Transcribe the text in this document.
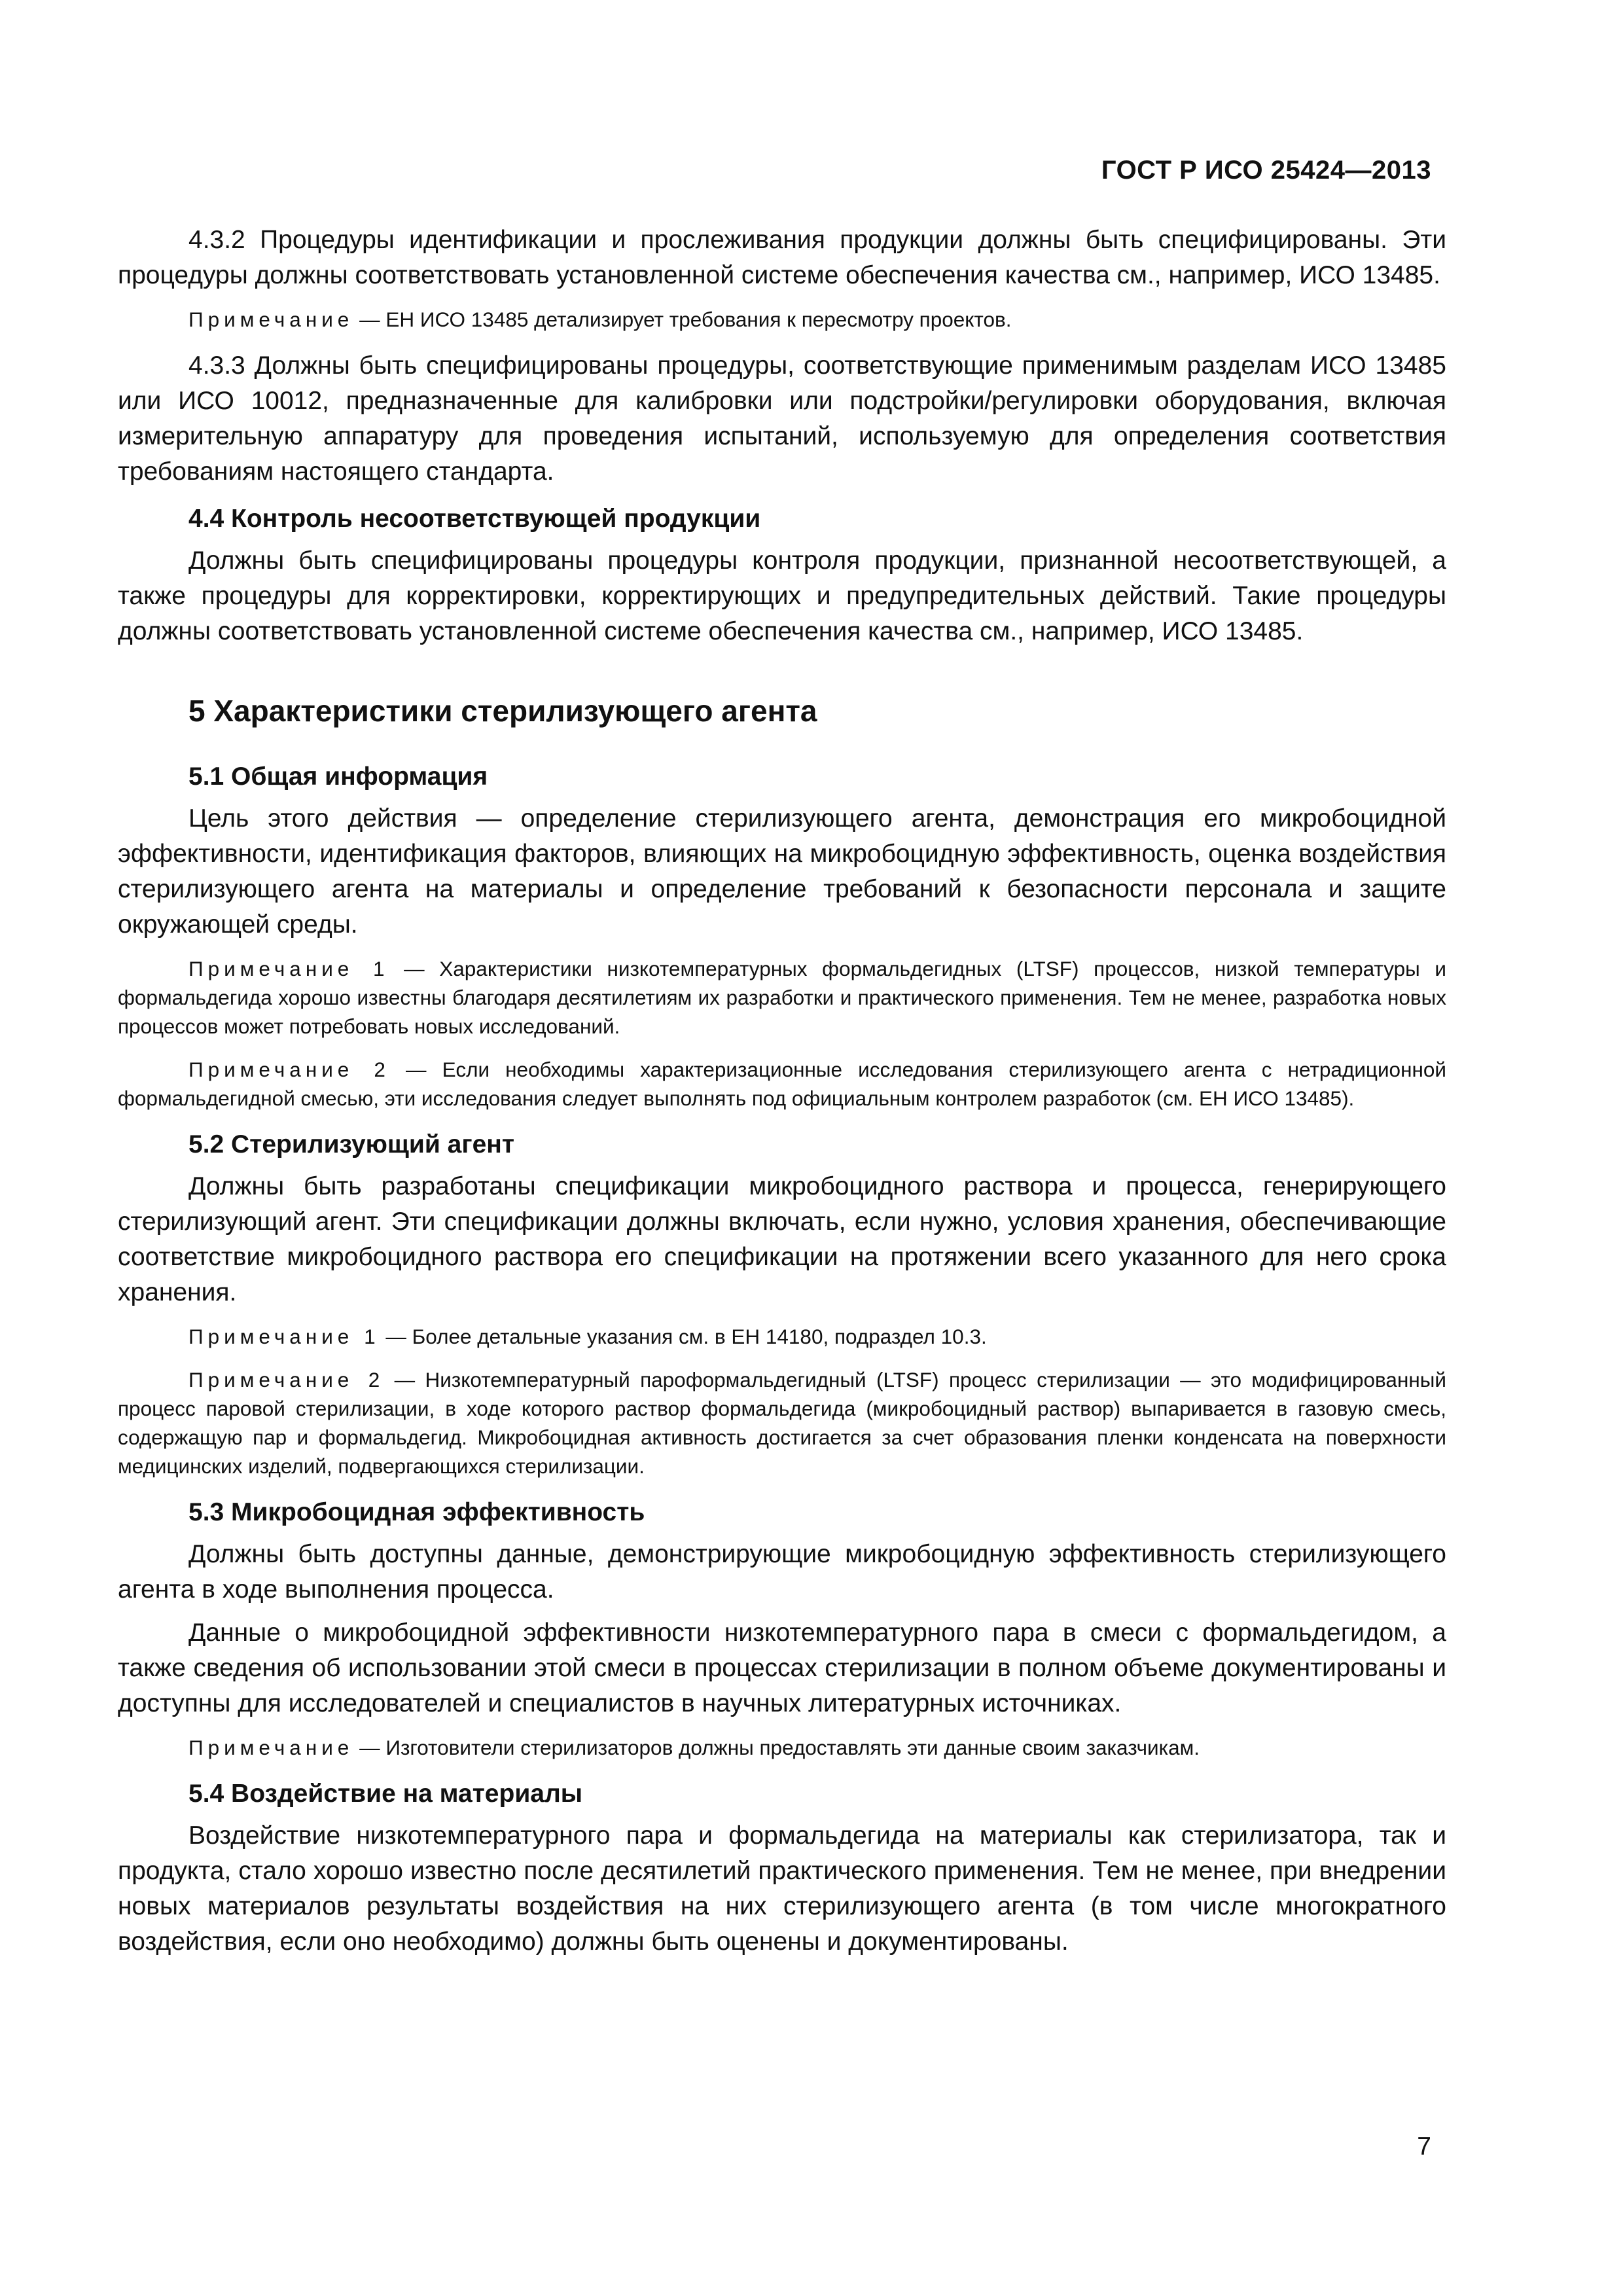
ГОСТ Р ИСО 25424—2013

4.3.2 Процедуры идентификации и прослеживания продукции должны быть специфицированы. Эти процедуры должны соответствовать установленной системе обеспечения качества см., например, ИСО 13485.

Примечание — ЕН ИСО 13485 детализирует требования к пересмотру проектов.

4.3.3 Должны быть специфицированы процедуры, соответствующие применимым разделам ИСО 13485 или ИСО 10012, предназначенные для калибровки или подстройки/регулировки оборудования, включая измерительную аппаратуру для проведения испытаний, используемую для определения соответствия требованиям настоящего стандарта.

4.4 Контроль несоответствующей продукции

Должны быть специфицированы процедуры контроля продукции, признанной несоответствующей, а также процедуры для корректировки, корректирующих и предупредительных действий. Такие процедуры должны соответствовать установленной системе обеспечения качества см., например, ИСО 13485.

5 Характеристики стерилизующего агента
5.1 Общая информация

Цель этого действия — определение стерилизующего агента, демонстрация его микробоцидной эффективности, идентификация факторов, влияющих на микробоцидную эффективность, оценка воздействия стерилизующего агента на материалы и определение требований к безопасности персонала и защите окружающей среды.

Примечание 1 — Характеристики низкотемпературных формальдегидных (LTSF) процессов, низкой температуры и формальдегида хорошо известны благодаря десятилетиям их разработки и практического применения. Тем не менее, разработка новых процессов может потребовать новых исследований.

Примечание 2 — Если необходимы характеризационные исследования стерилизующего агента с нетрадиционной формальдегидной смесью, эти исследования следует выполнять под официальным контролем разработок (см. ЕН ИСО 13485).

5.2 Стерилизующий агент

Должны быть разработаны спецификации микробоцидного раствора и процесса, генерирующего стерилизующий агент. Эти спецификации должны включать, если нужно, условия хранения, обеспечивающие соответствие микробоцидного раствора его спецификации на протяжении всего указанного для него срока хранения.

Примечание 1 — Более детальные указания см. в ЕН 14180, подраздел 10.3.

Примечание 2 — Низкотемпературный пароформальдегидный (LTSF) процесс стерилизации — это модифицированный процесс паровой стерилизации, в ходе которого раствор формальдегида (микробоцидный раствор) выпаривается в газовую смесь, содержащую пар и формальдегид. Микробоцидная активность достигается за счет образования пленки конденсата на поверхности медицинских изделий, подвергающихся стерилизации.

5.3 Микробоцидная эффективность

Должны быть доступны данные, демонстрирующие микробоцидную эффективность стерилизующего агента в ходе выполнения процесса.

Данные о микробоцидной эффективности низкотемпературного пара в смеси с формальдегидом, а также сведения об использовании этой смеси в процессах стерилизации в полном объеме документированы и доступны для исследователей и специалистов в научных литературных источниках.

Примечание — Изготовители стерилизаторов должны предоставлять эти данные своим заказчикам.

5.4 Воздействие на материалы

Воздействие низкотемпературного пара и формальдегида на материалы как стерилизатора, так и продукта, стало хорошо известно после десятилетий практического применения. Тем не менее, при внедрении новых материалов результаты воздействия на них стерилизующего агента (в том числе многократного воздействия, если оно необходимо) должны быть оценены и документированы.

7
